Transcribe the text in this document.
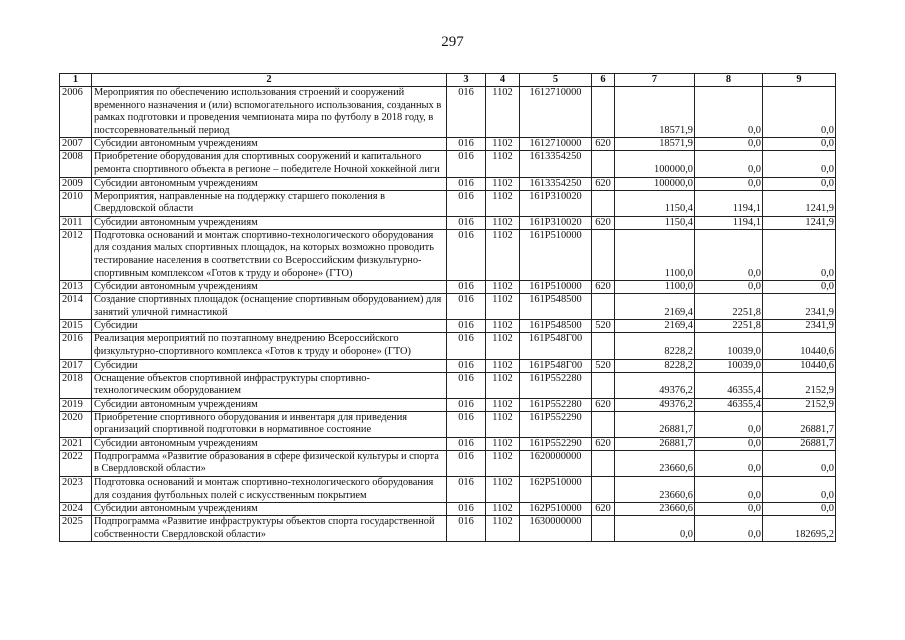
297
1	2	3	4	5	6	7	8	9
2006	Мероприятия по обеспечению использования строений и сооружений временного назначения и (или) вспомогательного использования, созданных в рамках подготовки и проведения чемпионата мира по футболу в 2018 году, в постсоревновательный период	016	1102	1612710000		18571,9	0,0	0,0
2007	Субсидии автономным учреждениям	016	1102	1612710000	620	18571,9	0,0	0,0
2008	Приобретение оборудования для спортивных сооружений и капитального ремонта спортивного объекта в регионе – победителе Ночной хоккейной лиги	016	1102	1613354250		100000,0	0,0	0,0
2009	Субсидии автономным учреждениям	016	1102	1613354250	620	100000,0	0,0	0,0
2010	Мероприятия, направленные на поддержку старшего поколения в Свердловской области	016	1102	161P310020		1150,4	1194,1	1241,9
2011	Субсидии автономным учреждениям	016	1102	161P310020	620	1150,4	1194,1	1241,9
2012	Подготовка оснований и монтаж спортивно-технологического оборудования для создания малых спортивных площадок, на которых возможно проводить тестирование населения в соответствии со Всероссийским физкультурно-спортивным комплексом «Готов к труду и обороне» (ГТО)	016	1102	161P510000		1100,0	0,0	0,0
2013	Субсидии автономным учреждениям	016	1102	161P510000	620	1100,0	0,0	0,0
2014	Создание спортивных площадок (оснащение спортивным оборудованием) для занятий уличной гимнастикой	016	1102	161P548500		2169,4	2251,8	2341,9
2015	Субсидии	016	1102	161P548500	520	2169,4	2251,8	2341,9
2016	Реализация мероприятий по поэтапному внедрению Всероссийского физкультурно-спортивного комплекса «Готов к труду и обороне» (ГТО)	016	1102	161P548Г00		8228,2	10039,0	10440,6
2017	Субсидии	016	1102	161P548Г00	520	8228,2	10039,0	10440,6
2018	Оснащение объектов спортивной инфраструктуры спортивно-технологическим оборудованием	016	1102	161P552280		49376,2	46355,4	2152,9
2019	Субсидии автономным учреждениям	016	1102	161P552280	620	49376,2	46355,4	2152,9
2020	Приобретение спортивного оборудования и инвентаря для приведения организаций спортивной подготовки в нормативное состояние	016	1102	161P552290		26881,7	0,0	26881,7
2021	Субсидии автономным учреждениям	016	1102	161P552290	620	26881,7	0,0	26881,7
2022	Подпрограмма «Развитие образования в сфере физической культуры и спорта в Свердловской области»	016	1102	1620000000		23660,6	0,0	0,0
2023	Подготовка оснований и монтаж спортивно-технологического оборудования для создания футбольных полей с искусственным покрытием	016	1102	162P510000		23660,6	0,0	0,0
2024	Субсидии автономным учреждениям	016	1102	162P510000	620	23660,6	0,0	0,0
2025	Подпрограмма «Развитие инфраструктуры объектов спорта государственной собственности Свердловской области»	016	1102	1630000000		0,0	0,0	182695,2
